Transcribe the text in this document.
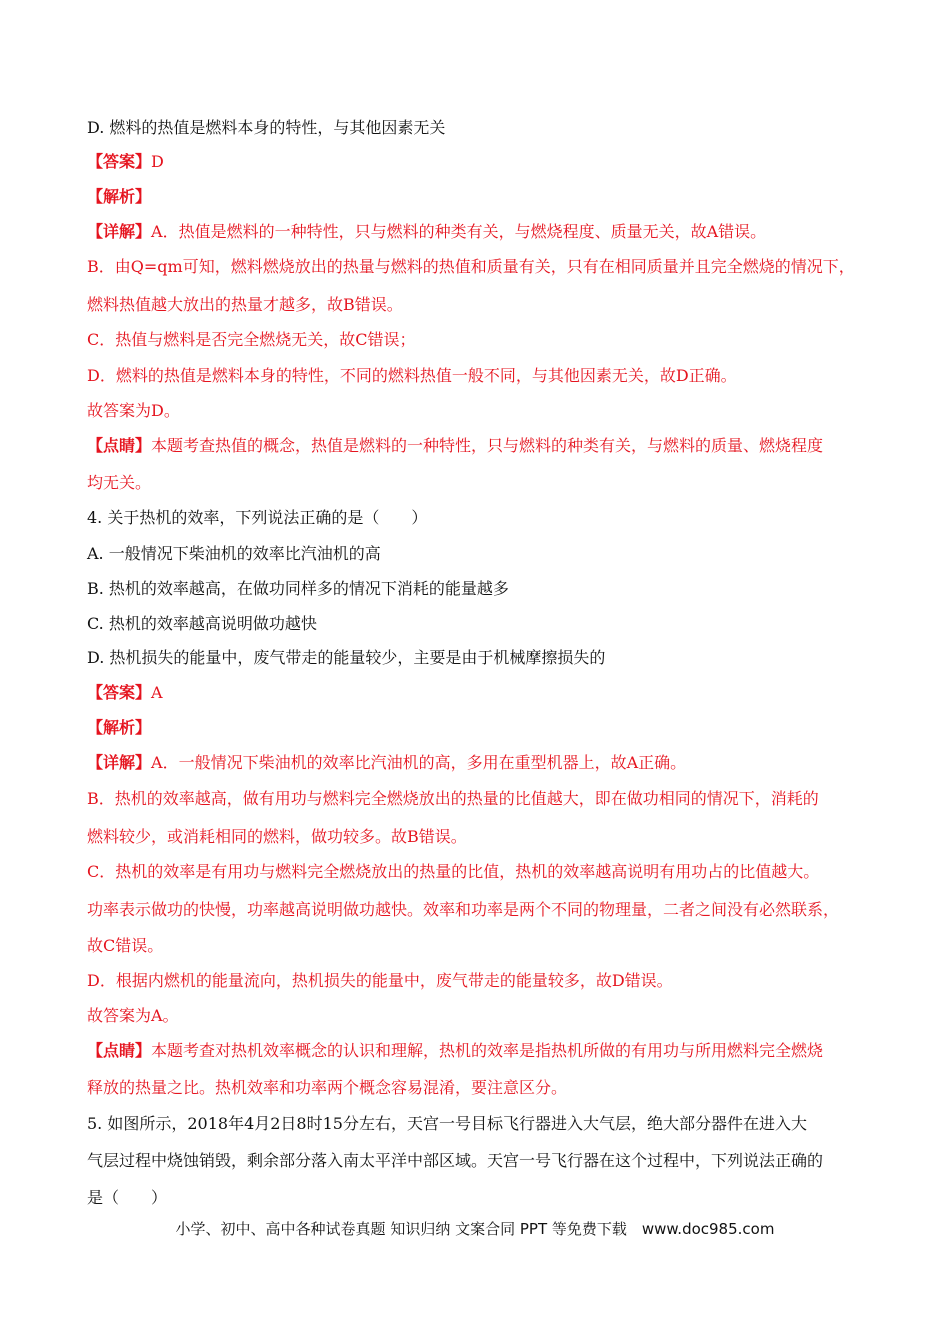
D. 燃料的热值是燃料本身的特性，与其他因素无关
【答案】D
【解析】
【详解】A．热值是燃料的一种特性，只与燃料的种类有关，与燃烧程度、质量无关，故A错误。
B．由Q=qm可知，燃料燃烧放出的热量与燃料的热值和质量有关，只有在相同质量并且完全燃烧的情况下，
燃料热值越大放出的热量才越多，故B错误。
C．热值与燃料是否完全燃烧无关，故C错误；
D．燃料的热值是燃料本身的特性，不同的燃料热值一般不同，与其他因素无关，故D正确。
故答案为D。
【点睛】本题考查热值的概念，热值是燃料的一种特性，只与燃料的种类有关，与燃料的质量、燃烧程度
均无关。
4. 关于热机的效率，下列说法正确的是（　　）
A. 一般情况下柴油机的效率比汽油机的高
B. 热机的效率越高，在做功同样多的情况下消耗的能量越多
C. 热机的效率越高说明做功越快
D. 热机损失的能量中，废气带走的能量较少，主要是由于机械摩擦损失的
【答案】A
【解析】
【详解】A．一般情况下柴油机的效率比汽油机的高，多用在重型机器上，故A正确。
B．热机的效率越高，做有用功与燃料完全燃烧放出的热量的比值越大，即在做功相同的情况下，消耗的
燃料较少，或消耗相同的燃料，做功较多。故B错误。
C．热机的效率是有用功与燃料完全燃烧放出的热量的比值，热机的效率越高说明有用功占的比值越大。
功率表示做功的快慢，功率越高说明做功越快。效率和功率是两个不同的物理量，二者之间没有必然联系，
故C错误。
D．根据内燃机的能量流向，热机损失的能量中，废气带走的能量较多，故D错误。
故答案为A。
【点睛】本题考查对热机效率概念的认识和理解，热机的效率是指热机所做的有用功与所用燃料完全燃烧
释放的热量之比。热机效率和功率两个概念容易混淆，要注意区分。
5. 如图所示，2018年4月2日8时15分左右，天宫一号目标飞行器进入大气层，绝大部分器件在进入大
气层过程中烧蚀销毁，剩余部分落入南太平洋中部区域。天宫一号飞行器在这个过程中，下列说法正确的
是（　　）
小学、初中、高中各种试卷真题 知识归纳 文案合同 PPT 等免费下载　www.doc985.com
